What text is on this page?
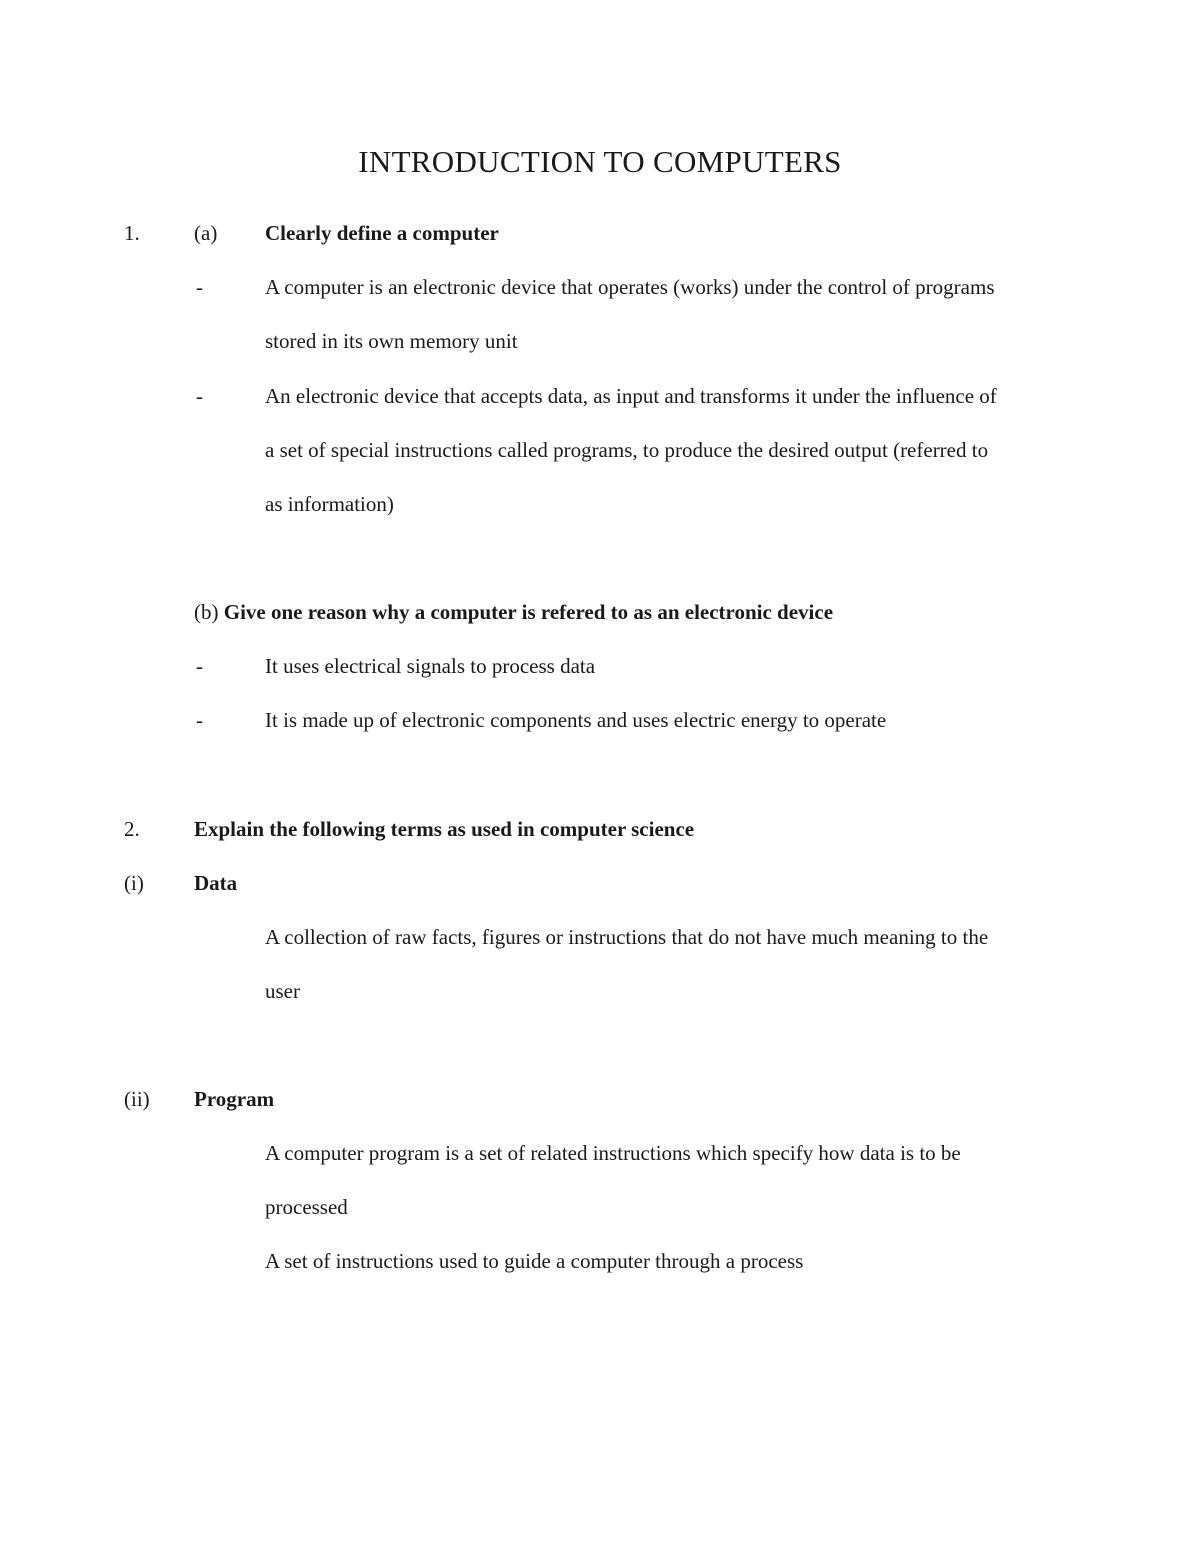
INTRODUCTION TO COMPUTERS
1.	(a) Clearly define a computer
-	A computer is an electronic device that operates (works) under the control of programs
stored in its own memory unit
-	An electronic device that accepts data, as input and transforms it under the influence of
a set of special instructions called programs, to produce the desired output (referred to
as information)
(b) Give one reason why a computer is refered to as an electronic device
-	It uses electrical signals to process data
-	It is made up of electronic components and uses electric energy to operate
2.	Explain the following terms as used in computer science
(i) Data
A collection of raw facts, figures or instructions that do not have much meaning to the
user
(ii) Program
A computer program is a set of related instructions which specify how data is to be
processed
A set of instructions used to guide a computer through a process
